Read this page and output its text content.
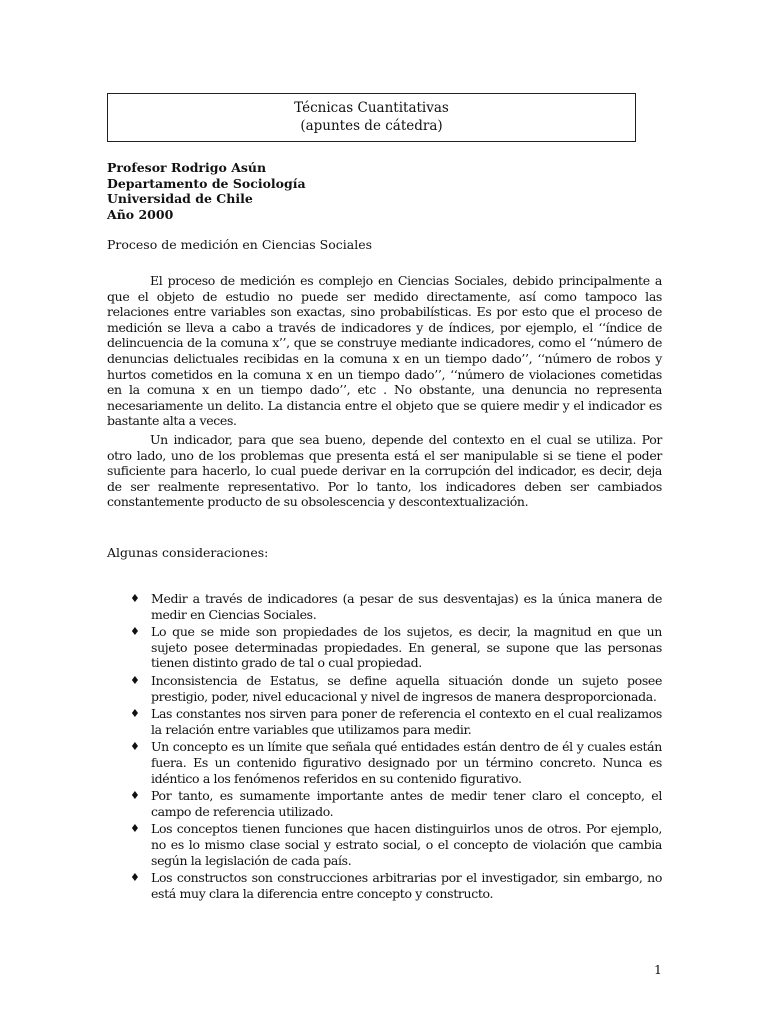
Técnicas Cuantitativas
(apuntes de cátedra)
Profesor Rodrigo Asún
Departamento de Sociología
Universidad de Chile
Año 2000
Proceso de medición en Ciencias Sociales

El proceso de medición es complejo en Ciencias Sociales, debido principalmente a que el objeto de estudio no puede ser medido directamente, así como tampoco las relaciones entre variables son exactas, sino probabilísticas. Es por esto que el proceso de medición se lleva a cabo a través de indicadores y de índices, por ejemplo, el ‘‘índice de delincuencia de la comuna x’’, que se construye mediante indicadores, como el ‘‘número de denuncias delictuales recibidas en la comuna x en un tiempo dado’’, ‘‘número de robos y hurtos cometidos en la comuna x en un tiempo dado’’, ‘‘número de violaciones cometidas en la comuna x en un tiempo dado’’, etc . No obstante, una denuncia no representa necesariamente un delito. La distancia entre el objeto que se quiere medir y el indicador es bastante alta a veces.

Un indicador, para que sea bueno, depende del contexto en el cual se utiliza. Por otro lado, uno de los problemas que presenta está el ser manipulable si se tiene el poder suficiente para hacerlo, lo cual puede derivar en la corrupción del indicador, es decir, deja de ser realmente representativo. Por lo tanto, los indicadores deben ser cambiados constantemente producto de su obsolescencia y descontextualización.

Algunas consideraciones:
♦ Medir a través de indicadores (a pesar de sus desventajas) es la única manera de medir en Ciencias Sociales.
♦ Lo que se mide son propiedades de los sujetos, es decir, la magnitud en que un sujeto posee determinadas propiedades. En general, se supone que las personas tienen distinto grado de tal o cual propiedad.
♦ Inconsistencia de Estatus, se define aquella situación donde un sujeto posee prestigio, poder, nivel educacional y nivel de ingresos de manera desproporcionada.
♦ Las constantes nos sirven para poner de referencia el contexto en el cual realizamos la relación entre variables que utilizamos para medir.
♦ Un concepto es un límite que señala qué entidades están dentro de él y cuales están fuera. Es un contenido figurativo designado por un término concreto. Nunca es idéntico a los fenómenos referidos en su contenido figurativo.
♦ Por tanto, es sumamente importante antes de medir tener claro el concepto, el campo de referencia utilizado.
♦ Los conceptos tienen funciones que hacen distinguirlos unos de otros. Por ejemplo, no es lo mismo clase social y estrato social, o el concepto de violación que cambia según la legislación de cada país.
♦ Los constructos son construcciones arbitrarias por el investigador, sin embargo, no está muy clara la diferencia entre concepto y constructo.
1
